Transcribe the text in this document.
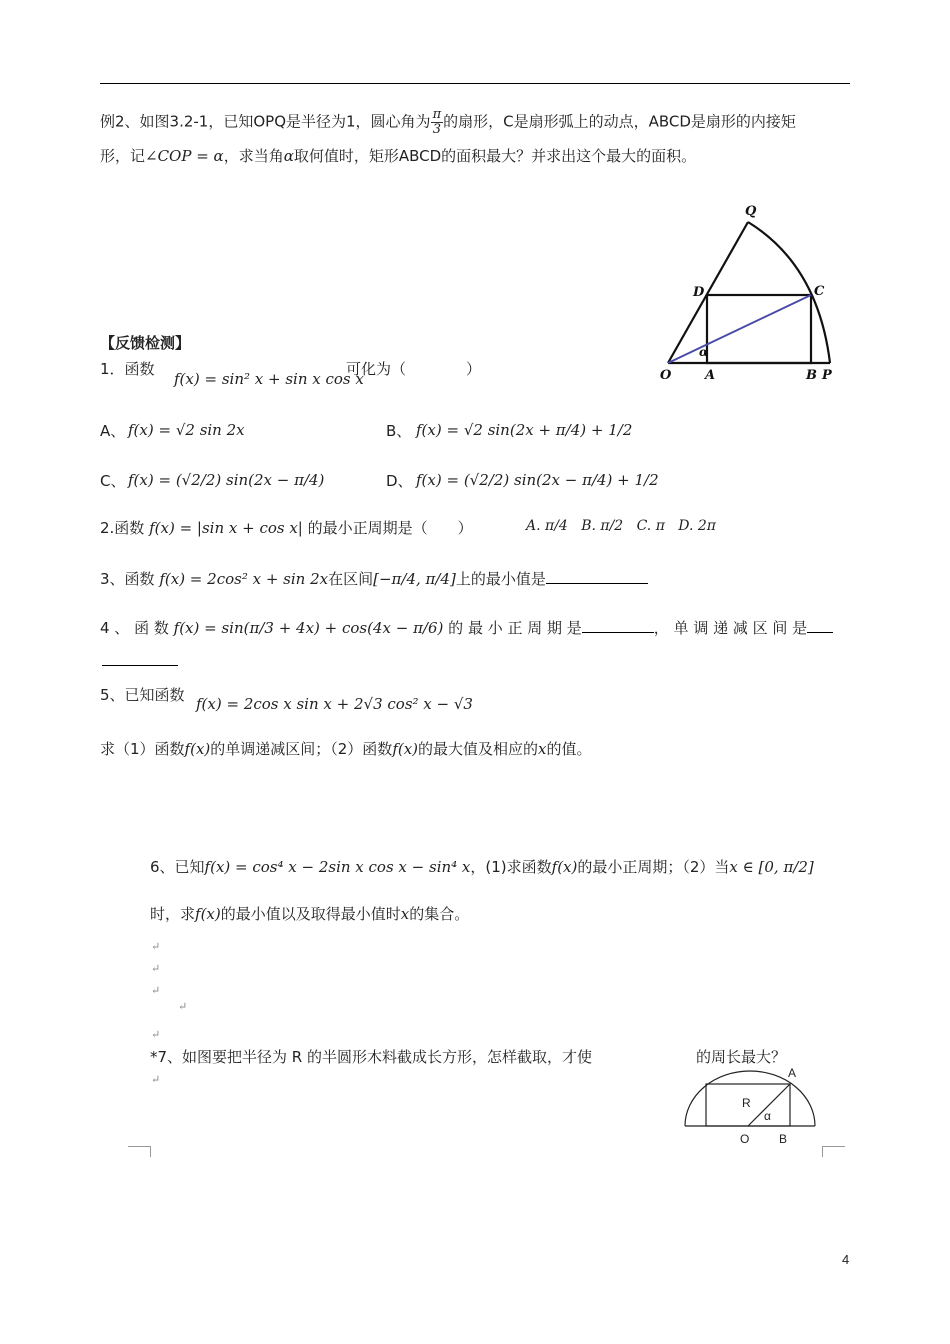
例2、如图3.2-1，已知OPQ是半径为1，圆心角为 $\frac{\pi}{3}$ 的扇形，C是扇形弧上的动点，ABCD是扇形的内接矩
形，记∠COP = α，求当角α取何值时，矩形ABCD的面积最大？并求出这个最大的面积。
Q
D	C
O	A	B P
α
【反馈检测】
1．函数
f(x) = sin² x + sin x cos x
可化为（　　　　）
A、 f(x) = √2 sin 2x	B、 f(x) = √2 sin(2x + π/4) + 1/2
C、 f(x) = (√2/2) sin(2x − π/4)	D、 f(x) = (√2/2) sin(2x − π/4) + 1/2
2.函数 f(x) = |sin x + cos x| 的最小正周期是（　　）	A. π/4 B. π/2 C. π D. 2π
3、函数 f(x) = 2cos² x + sin 2x在区间[−π/4, π/4]上的最小值是
4 、 函 数 f(x) = sin(π/3 + 4x) + cos(4x − π/6) 的 最 小 正 周 期 是	， 单 调 递 减 区 间 是
5、已知函数 f(x) = 2cos x sin x + 2√3 cos² x − √3
求（1）函数f(x)的单调递减区间；（2）函数f(x)的最大值及相应的x的值。
6、已知f(x) = cos⁴ x − 2sin x cos x − sin⁴ x，(1)求函数f(x)的最小正周期；（2）当x ∈ [0, π/2]
时，求f(x)的最小值以及取得最小值时x的集合。
↵
↵
↵
↵
↵
↵
*7、如图要把半径为 R 的半圆形木料截成长方形，怎样截取，才使	的周长最大？
A
R
α
O B
4
